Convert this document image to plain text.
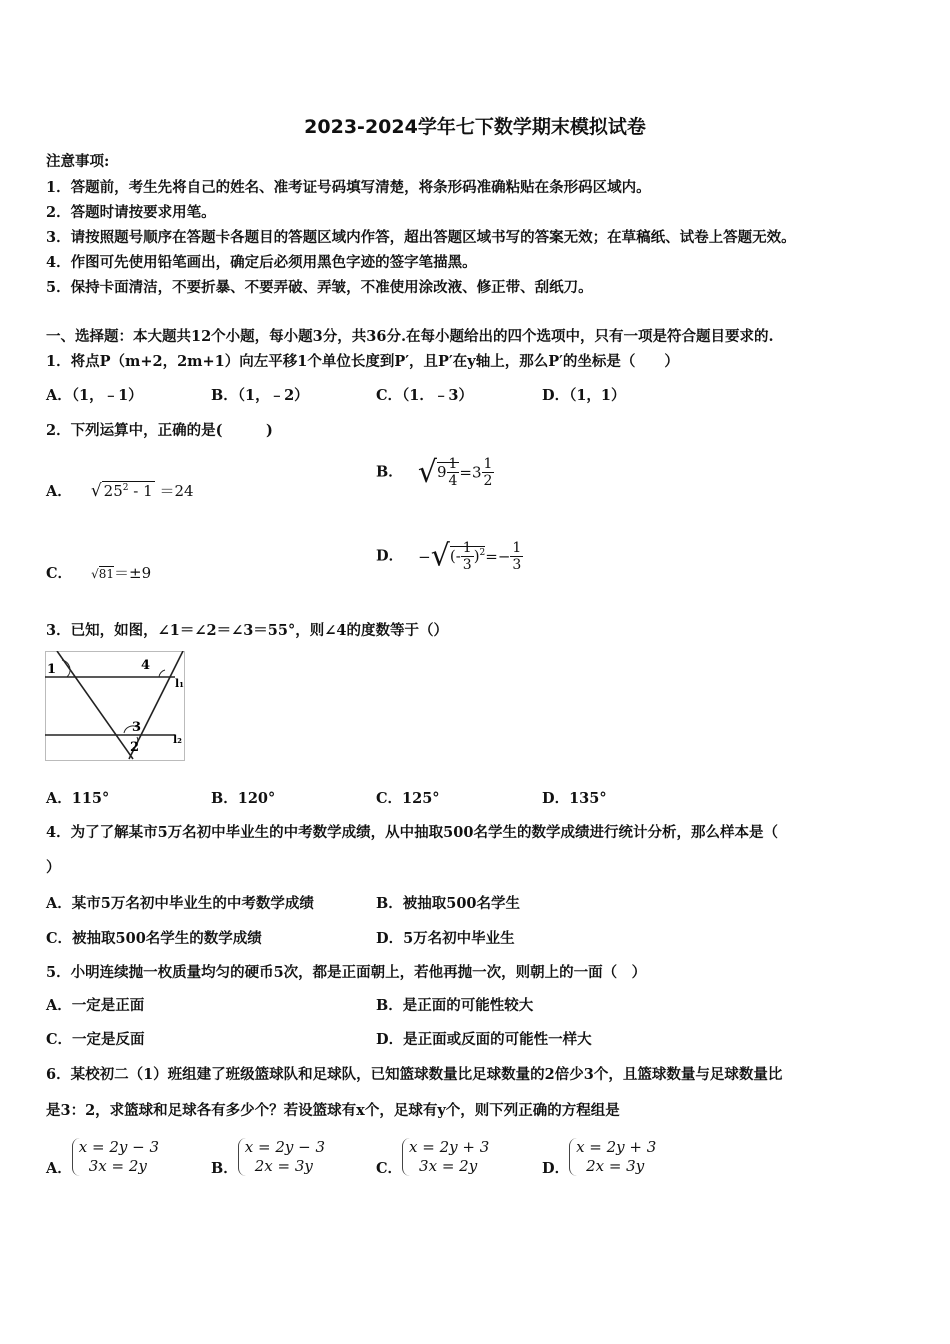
2023-2024学年七下数学期末模拟试卷
注意事项:
1．答题前，考生先将自己的姓名、准考证号码填写清楚，将条形码准确粘贴在条形码区域内。
2．答题时请按要求用笔。
3．请按照题号顺序在答题卡各题目的答题区域内作答，超出答题区域书写的答案无效；在草稿纸、试卷上答题无效。
4．作图可先使用铅笔画出，确定后必须用黑色字迹的签字笔描黑。
5．保持卡面清洁，不要折暴、不要弄破、弄皱，不准使用涂改液、修正带、刮纸刀。
一、选择题：本大题共12个小题，每小题3分，共36分.在每小题给出的四个选项中，只有一项是符合题目要求的.
1．将点P（m+2，2m+1）向左平移1个单位长度到P′，且P′在y轴上，那么P′的坐标是（　　）
A．（1，﹣1）	B．（1，﹣2）	C．（1．﹣3）	D．（1，1）
2．下列运算中，正确的是(　　　)
A． √ $25^2 - 1 =24$
B． $√9 \frac{1}{4} =3 \frac{1}{2}$
C． √81＝±9
D． −√(- $\frac{1}{3} )^2=- \frac{1}{3}$
3．已知，如图，∠1＝∠2＝∠3＝55°，则∠4的度数等于（）
1	4
l₁
3
2
l₂
A．115°	B．120°	C．125°	D．135°
4．为了了解某市5万名初中毕业生的中考数学成绩，从中抽取500名学生的数学成绩进行统计分析，那么样本是（
）
A．某市5万名初中毕业生的中考数学成绩	B．被抽取500名学生
C．被抽取500名学生的数学成绩	D．5万名初中毕业生
5．小明连续抛一枚质量均匀的硬币5次，都是正面朝上，若他再抛一次，则朝上的一面（　）
A．一定是正面	B．是正面的可能性较大
C．一定是反面	D．是正面或反面的可能性一样大
6．某校初二（1）班组建了班级篮球队和足球队，已知篮球数量比足球数量的2倍少3个，且篮球数量与足球数量比
是3：2，求篮球和足球各有多少个？若设篮球有x个，足球有y个，则下列正确的方程组是
A．
x = 2y − 3
3x = 2y	B．
x = 2y − 3
2x = 3y	C．
x = 2y + 3
3x = 2y	D．
x = 2y + 3
2x = 3y
